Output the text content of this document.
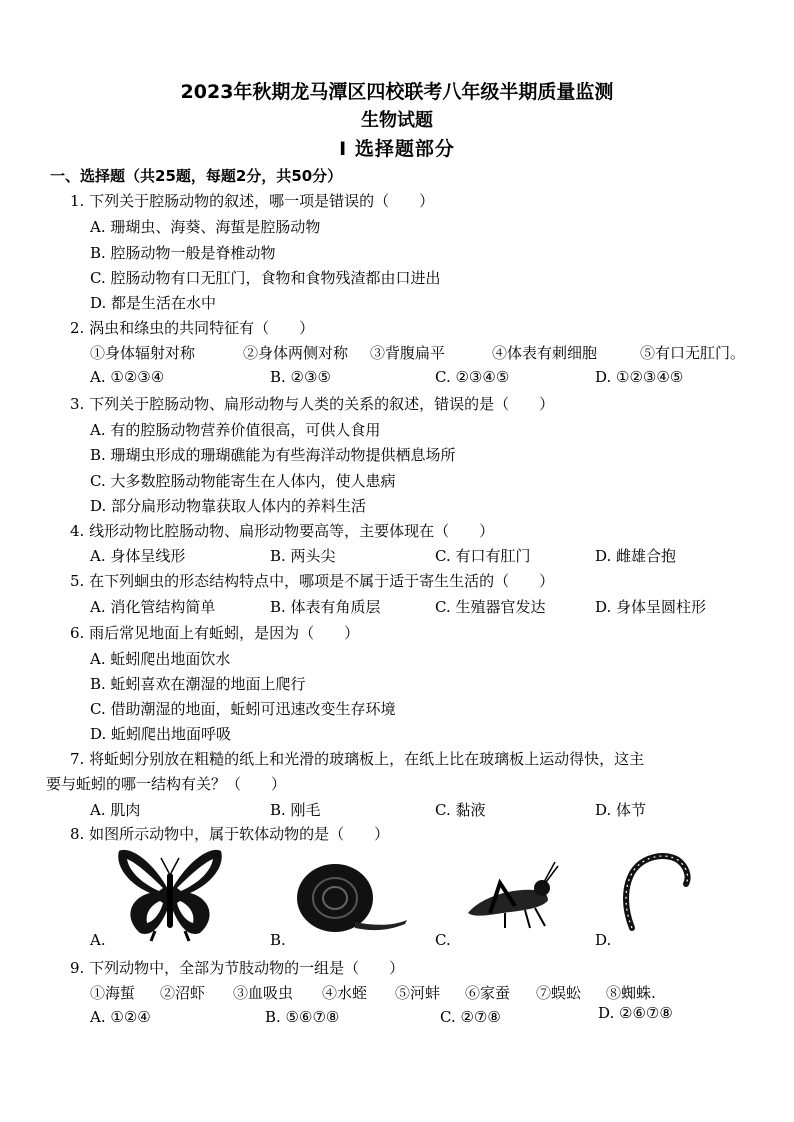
2023年秋期龙马潭区四校联考八年级半期质量监测
生物试题
Ⅰ 选择题部分
一、选择题（共25题，每题2分，共50分）
1. 下列关于腔肠动物的叙述，哪一项是错误的（　　）
A. 珊瑚虫、海葵、海蜇是腔肠动物
B. 腔肠动物一般是脊椎动物
C. 腔肠动物有口无肛门，食物和食物残渣都由口进出
D. 都是生活在水中
2. 涡虫和绦虫的共同特征有（　　）
①身体辐射对称	②身体两侧对称 ③背腹扁平	④体表有刺细胞	⑤有口无肛门。
A. ①②③④	B. ②③⑤	C. ②③④⑤	D. ①②③④⑤
3. 下列关于腔肠动物、扁形动物与人类的关系的叙述，错误的是（　　）
A. 有的腔肠动物营养价值很高，可供人食用
B. 珊瑚虫形成的珊瑚礁能为有些海洋动物提供栖息场所
C. 大多数腔肠动物能寄生在人体内，使人患病
D. 部分扁形动物靠获取人体内的养料生活
4. 线形动物比腔肠动物、扁形动物要高等，主要体现在（　　）
A. 身体呈线形	B. 两头尖	C. 有口有肛门	D. 雌雄合抱
5. 在下列蛔虫的形态结构特点中，哪项是不属于适于寄生生活的（　　）
A. 消化管结构简单	B. 体表有角质层	C. 生殖器官发达	D. 身体呈圆柱形
6. 雨后常见地面上有蚯蚓，是因为（　　）
A. 蚯蚓爬出地面饮水
B. 蚯蚓喜欢在潮湿的地面上爬行
C. 借助潮湿的地面，蚯蚓可迅速改变生存环境
D. 蚯蚓爬出地面呼吸
7. 将蚯蚓分别放在粗糙的纸上和光滑的玻璃板上，在纸上比在玻璃板上运动得快，这主
要与蚯蚓的哪一结构有关？（　　）
A. 肌肉	B. 刚毛	C. 黏液	D. 体节
8. 如图所示动物中，属于软体动物的是（　　）
A.	B.	C.	D.
9. 下列动物中，全部为节肢动物的一组是（　　）
①海蜇 ②沼虾 ③血吸虫 ④水蛭 ⑤河蚌 ⑥家蚕 ⑦蜈蚣 ⑧蜘蛛.
A. ①②④	B. ⑤⑥⑦⑧	C. ②⑦⑧	D. ②⑥⑦⑧
